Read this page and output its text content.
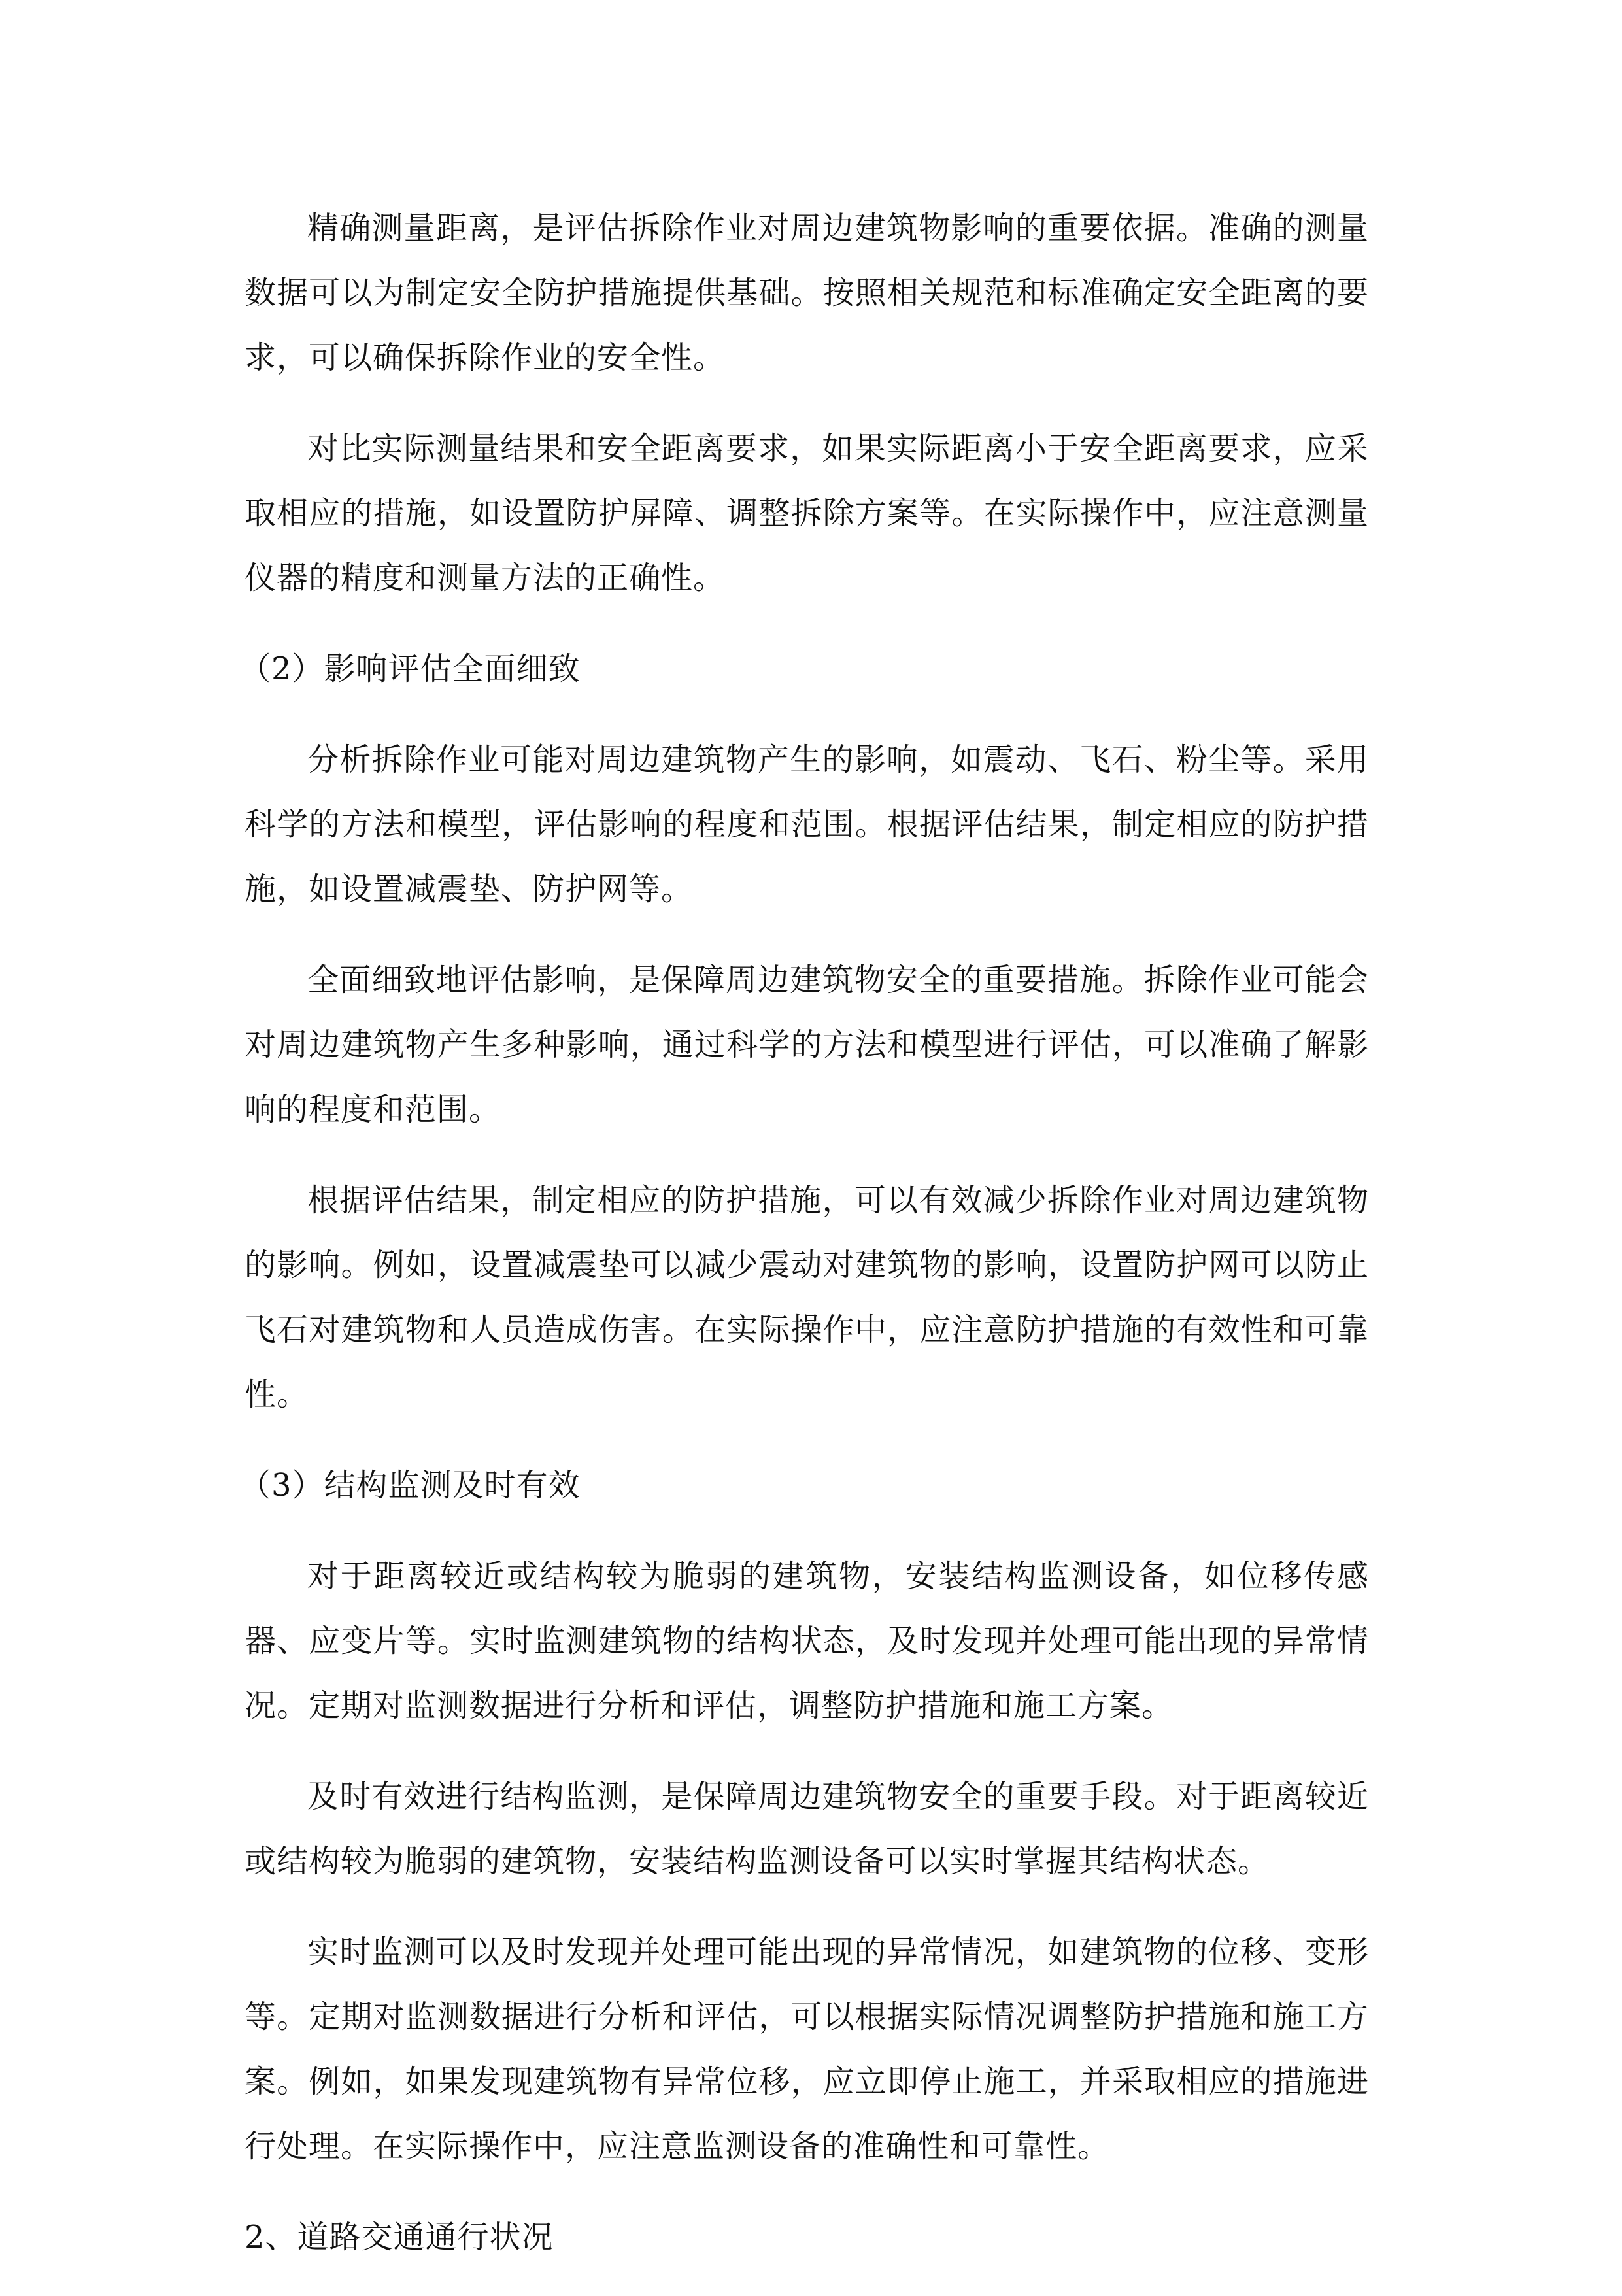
精确测量距离，是评估拆除作业对周边建筑物影响的重要依据。准确的测量数据可以为制定安全防护措施提供基础。按照相关规范和标准确定安全距离的要求，可以确保拆除作业的安全性。

对比实际测量结果和安全距离要求，如果实际距离小于安全距离要求，应采取相应的措施，如设置防护屏障、调整拆除方案等。在实际操作中，应注意测量仪器的精度和测量方法的正确性。

（2）影响评估全面细致

分析拆除作业可能对周边建筑物产生的影响，如震动、飞石、粉尘等。采用科学的方法和模型，评估影响的程度和范围。根据评估结果，制定相应的防护措施，如设置减震垫、防护网等。

全面细致地评估影响，是保障周边建筑物安全的重要措施。拆除作业可能会对周边建筑物产生多种影响，通过科学的方法和模型进行评估，可以准确了解影响的程度和范围。

根据评估结果，制定相应的防护措施，可以有效减少拆除作业对周边建筑物的影响。例如，设置减震垫可以减少震动对建筑物的影响，设置防护网可以防止飞石对建筑物和人员造成伤害。在实际操作中，应注意防护措施的有效性和可靠性。

（3）结构监测及时有效

对于距离较近或结构较为脆弱的建筑物，安装结构监测设备，如位移传感器、应变片等。实时监测建筑物的结构状态，及时发现并处理可能出现的异常情况。定期对监测数据进行分析和评估，调整防护措施和施工方案。

及时有效进行结构监测，是保障周边建筑物安全的重要手段。对于距离较近或结构较为脆弱的建筑物，安装结构监测设备可以实时掌握其结构状态。

实时监测可以及时发现并处理可能出现的异常情况，如建筑物的位移、变形等。定期对监测数据进行分析和评估，可以根据实际情况调整防护措施和施工方案。例如，如果发现建筑物有异常位移，应立即停止施工，并采取相应的措施进行处理。在实际操作中，应注意监测设备的准确性和可靠性。

2、道路交通通行状况
